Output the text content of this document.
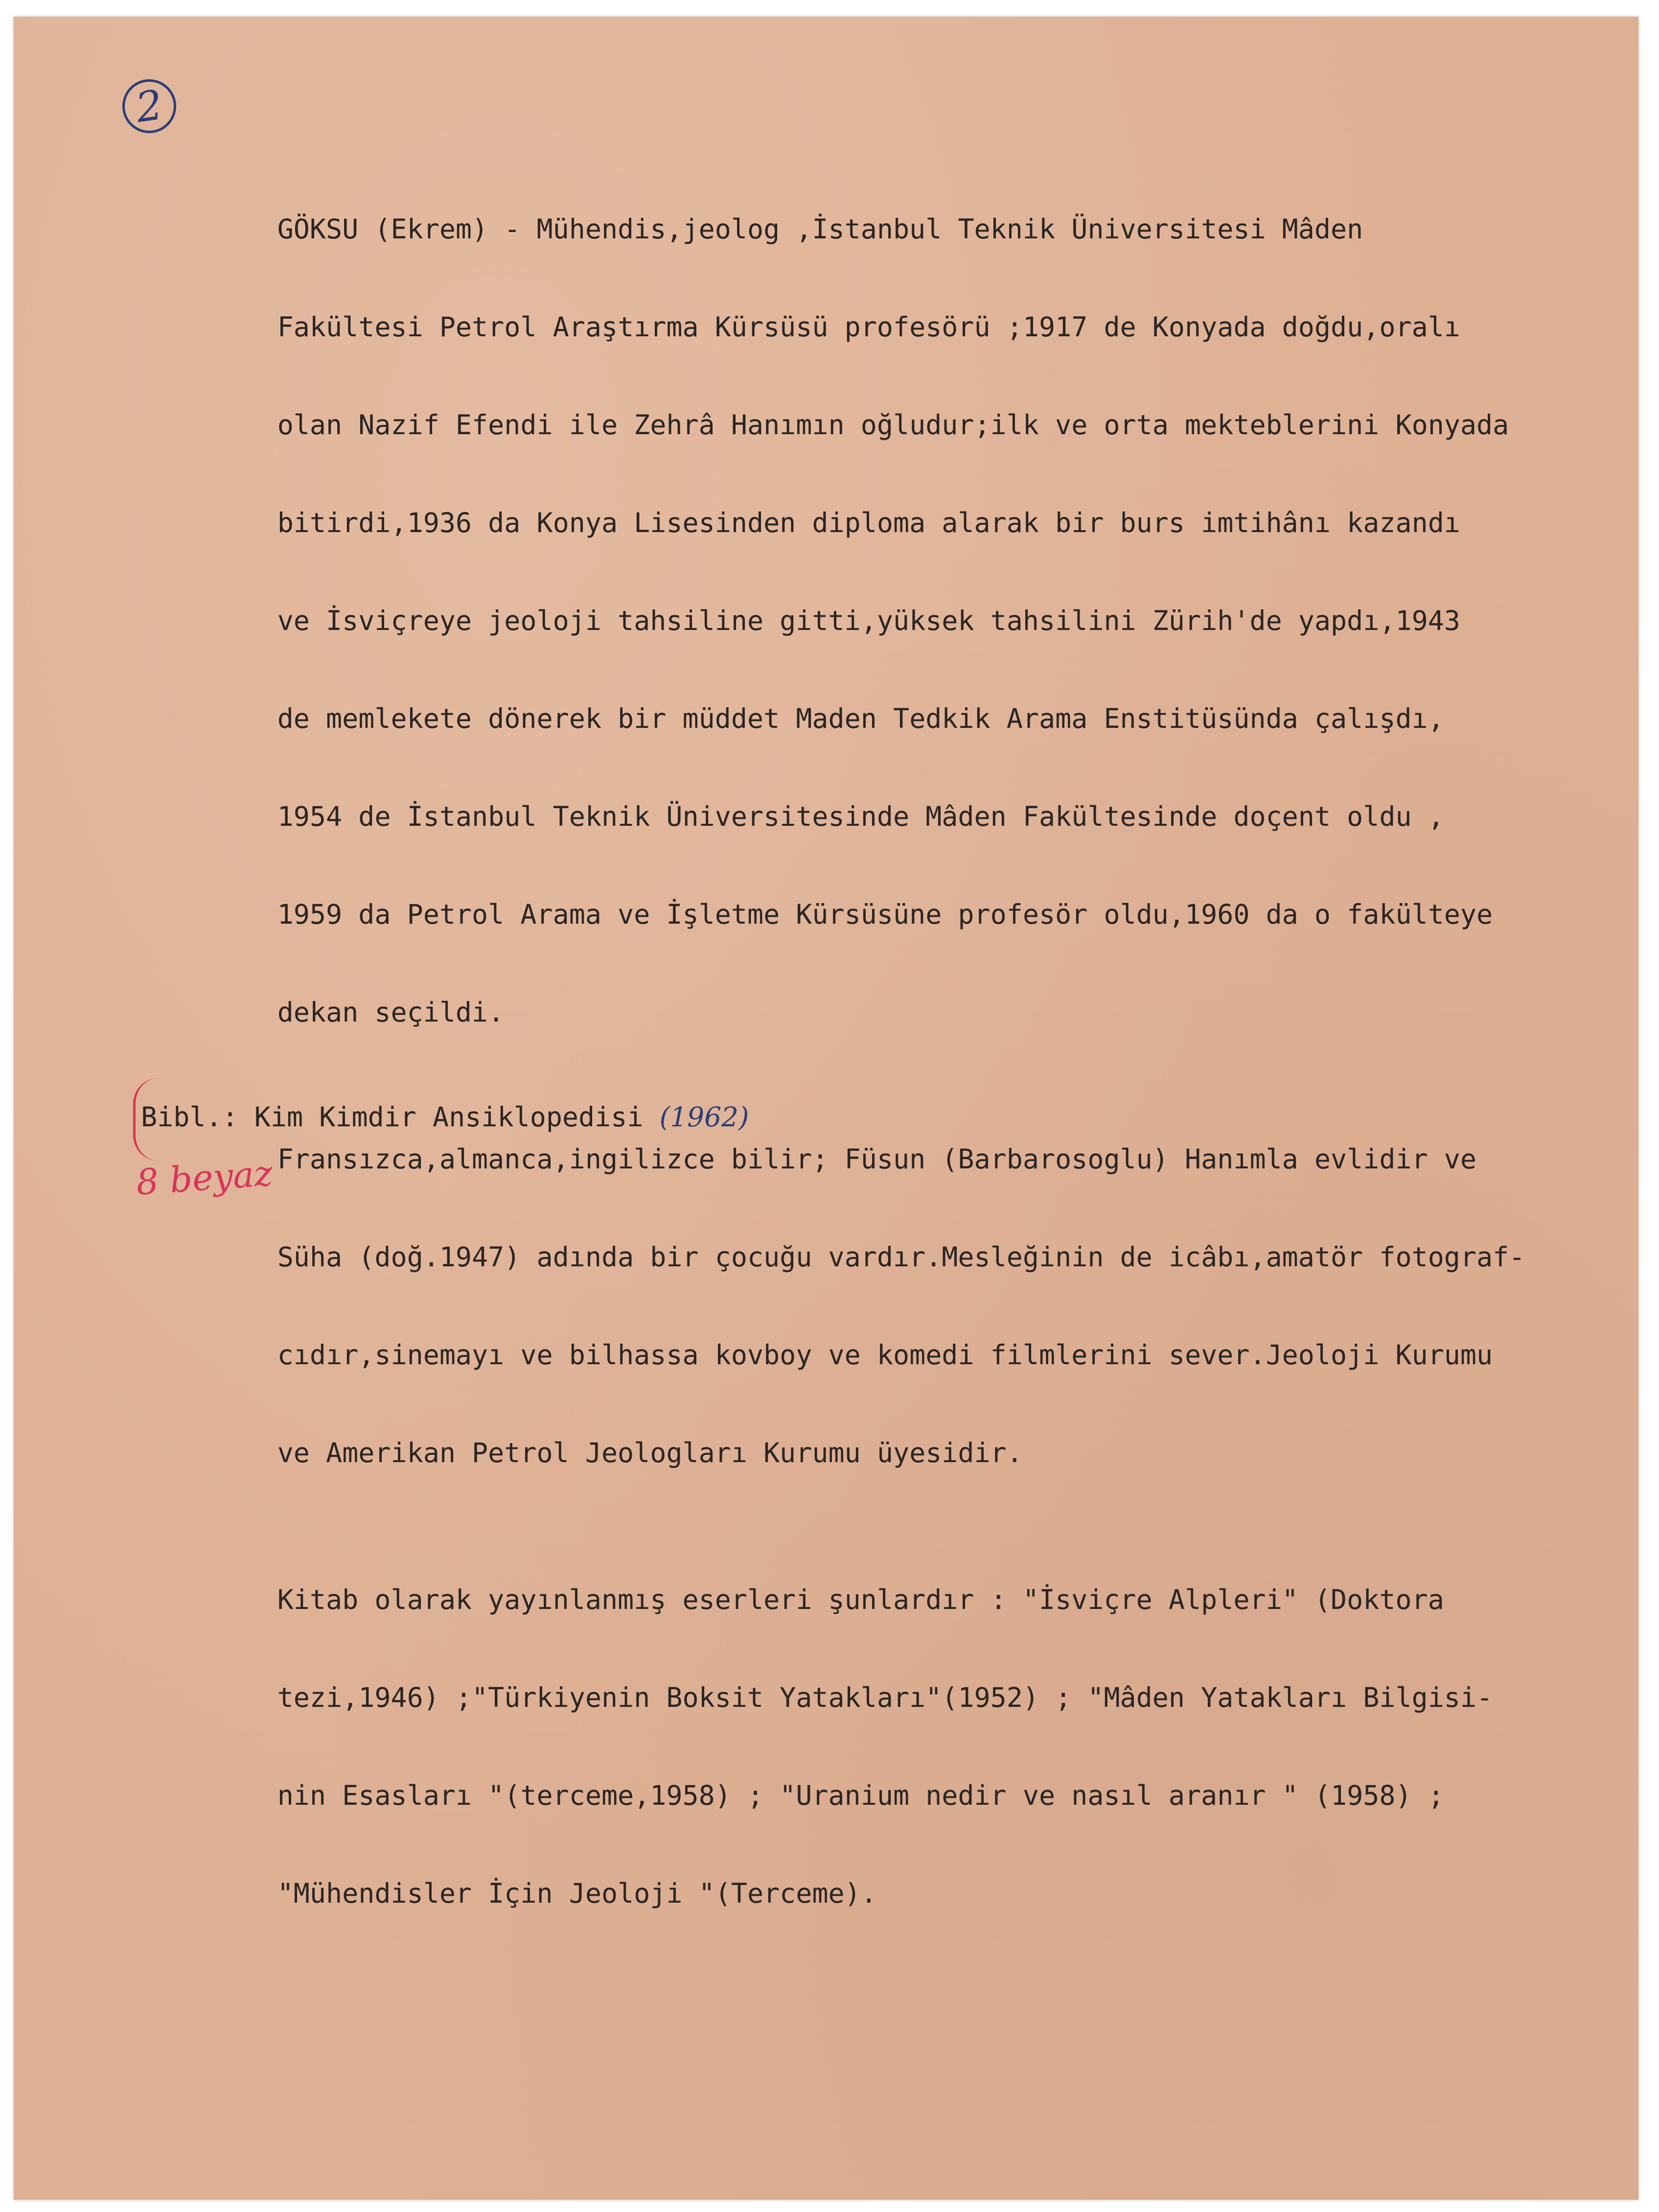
2

GÖKSU (Ekrem) - Mühendis,jeolog ,İstanbul Teknik Üniversitesi Mâden

Fakültesi Petrol Araştırma Kürsüsü profesörü ;1917 de Konyada doğdu,oralı

olan Nazif Efendi ile Zehrâ Hanımın oğludur;ilk ve orta mekteblerini Konyada

bitirdi,1936 da Konya Lisesinden diploma alarak bir burs imtihânı kazandı

ve İsviçreye jeoloji tahsiline gitti,yüksek tahsilini Zürih'de yapdı,1943

de memlekete dönerek bir müddet Maden Tedkik Arama Enstitüsünda çalışdı,

1954 de İstanbul Teknik Üniversitesinde Mâden Fakültesinde doçent oldu ,

1959 da Petrol Arama ve İşletme Kürsüsüne profesör oldu,1960 da o fakülteye

dekan seçildi.

Fransızca,almanca,ingilizce bilir; Füsun (Barbarosoglu) Hanımla evlidir ve

Süha (doğ.1947) adında bir çocuğu vardır.Mesleğinin de icâbı,amatör fotograf-

cıdır,sinemayı ve bilhassa kovboy ve komedi filmlerini sever.Jeoloji Kurumu

ve Amerikan Petrol Jeologları Kurumu üyesidir.

Kitab olarak yayınlanmış eserleri şunlardır : "İsviçre Alpleri" (Doktora

tezi,1946) ;"Türkiyenin Boksit Yatakları"(1952) ; "Mâden Yatakları Bilgisi-

nin Esasları "(terceme,1958) ; "Uranium nedir ve nasıl aranır " (1958) ;

"Mühendisler İçin Jeoloji "(Terceme).

Bibl.: Kim Kimdir Ansiklopedisi (1962)
8 beyaz
